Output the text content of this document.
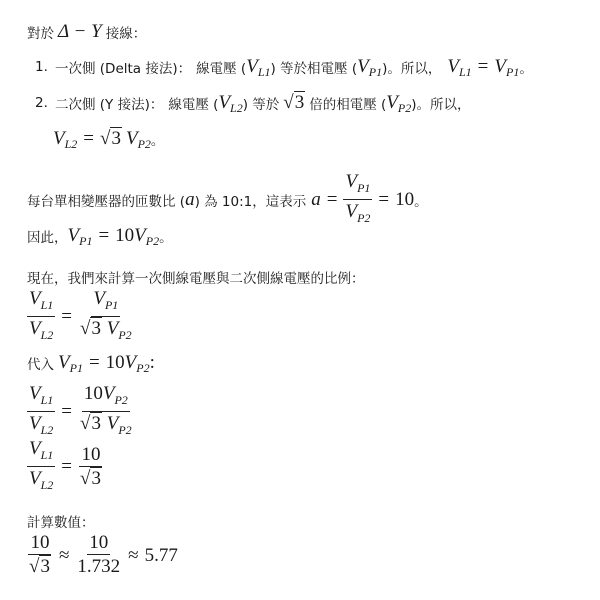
對於 Δ − Y 接線：
1. 一次側 (Delta 接法)： 線電壓 ( $V_{L1}$ ) 等於相電壓 ( $V_{P1}$ )。所以， $V_{L1} = V_{P1}$ 。
2. 二次側 (Y 接法)： 線電壓 ( $V_{L2}$ ) 等於 √3 倍的相電壓 ( $V_{P2}$ )。所以，
$V_{L2} = √3$ $V_{P2}$ 。
每台單相變壓器的匝數比 ( a ) 為 10:1，這表示 $a = \frac{V_{P1}}{V_{P2}} = 10$ 。
因此， $V_{P1} = 10$ $V_{P2}$ 。
現在，我們來計算一次側線電壓與二次側線電壓的比例：
$\frac{V_{L1}}{V_{L2}} = \frac{V_{P1}}{√3 V_{P2}}$
代入 $V_{P1} = 10$ $V_{P2}$ :
$\frac{V_{L1}}{V_{L2}} = \frac{10V_{P2}}{√3 V_{P2}}$
$\frac{V_{L1}}{V_{L2}} = \frac{10}{√3}$
計算數值：
$\frac{10}{√3} \approx \frac{10}{1.732} \approx 5.77$
